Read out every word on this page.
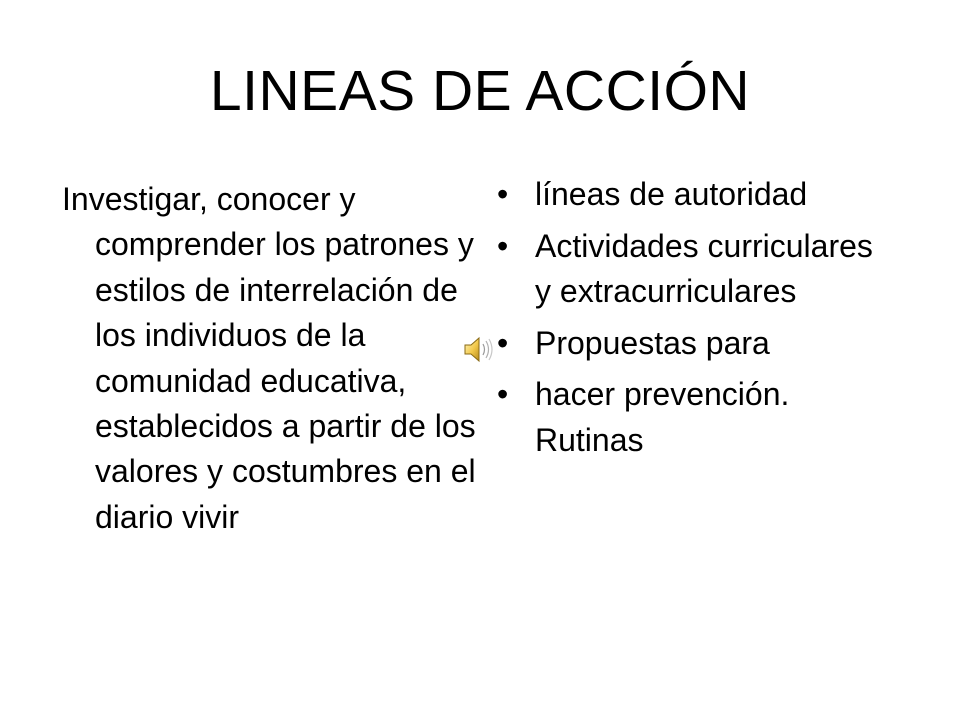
LINEAS DE ACCIÓN
Investigar, conocer y comprender los patrones y estilos de interrelación de los individuos de la comunidad educativa, establecidos a partir de los valores y costumbres en el diario vivir
• líneas de autoridad
• Actividades curriculares y extracurriculares
• Propuestas para
• hacer prevención. Rutinas
